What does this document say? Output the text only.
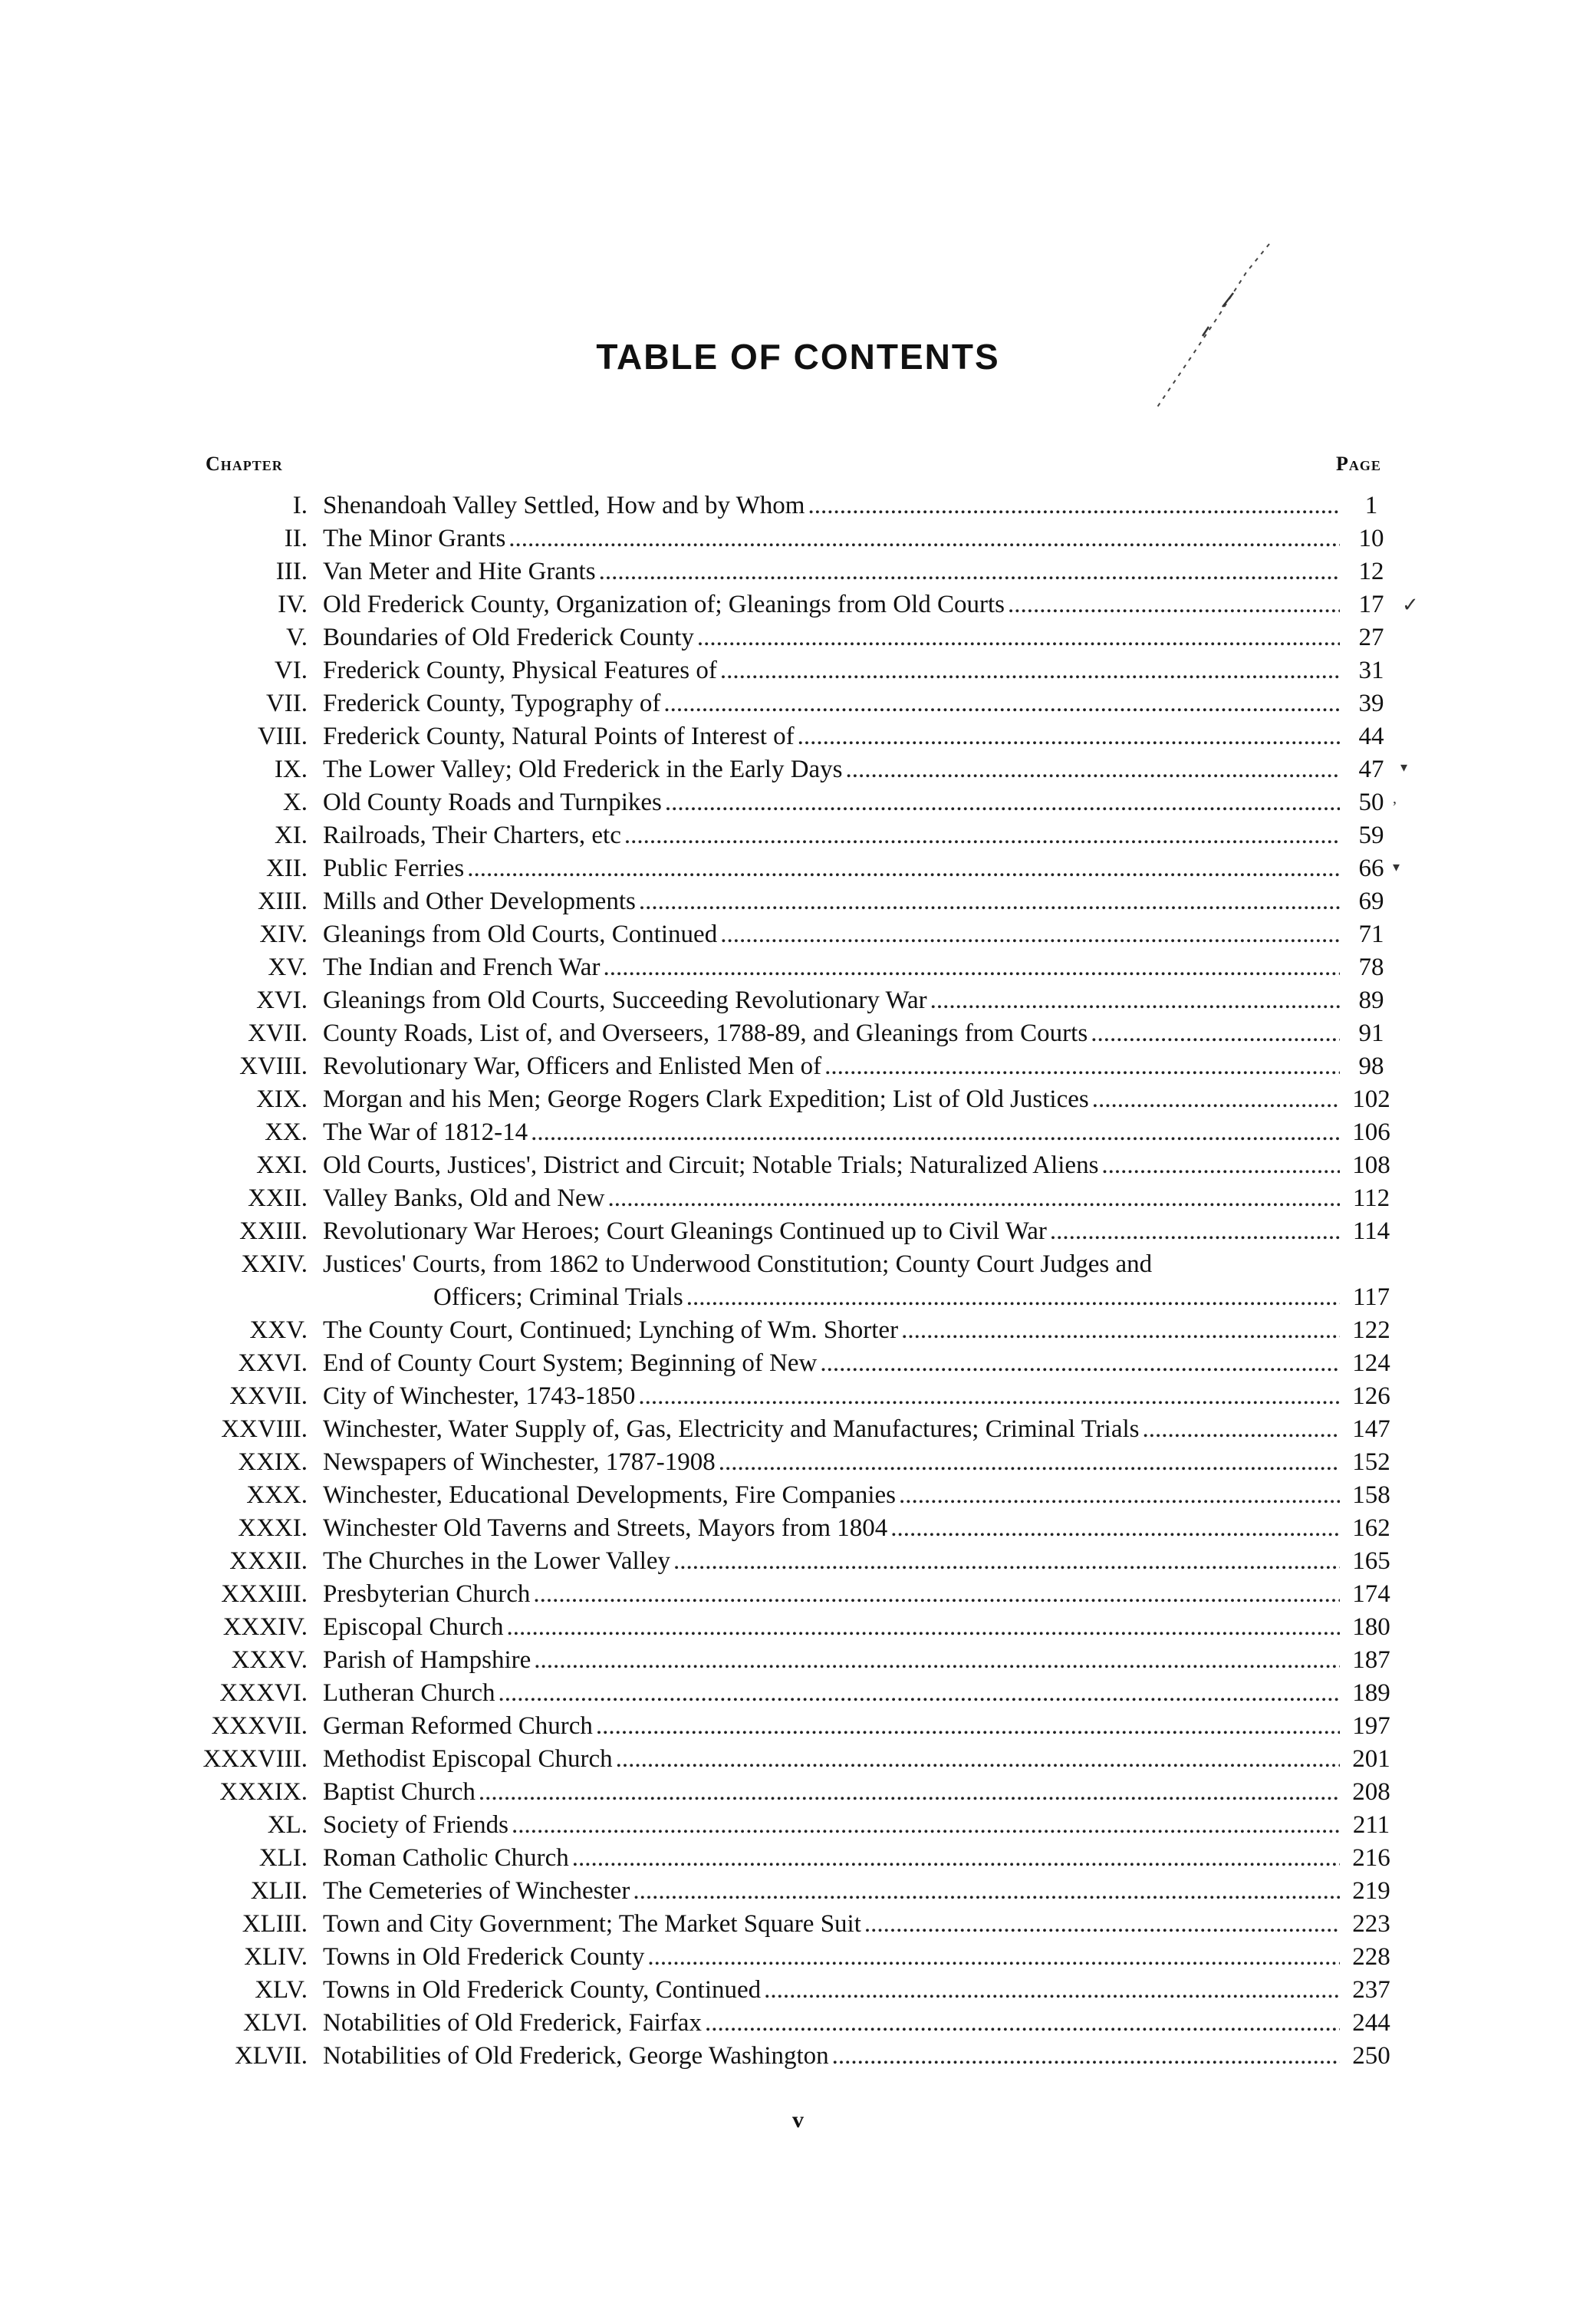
TABLE OF CONTENTS
Chapter	Page
I. Shenandoah Valley Settled, How and by Whom .....	1
II. The Minor Grants .....	10
III. Van Meter and Hite Grants .....	12
IV. Old Frederick County, Organization of; Gleanings from Old Courts .....	17
V. Boundaries of Old Frederick County .....	27
VI. Frederick County, Physical Features of .....	31
VII. Frederick County, Typography of .....	39
VIII. Frederick County, Natural Points of Interest of .....	44
IX. The Lower Valley; Old Frederick in the Early Days .....	47
X. Old County Roads and Turnpikes .....	50
XI. Railroads, Their Charters, etc .....	59
XII. Public Ferries .....	66
XIII. Mills and Other Developments .....	69
XIV. Gleanings from Old Courts, Continued .....	71
XV. The Indian and French War .....	78
XVI. Gleanings from Old Courts, Succeeding Revolutionary War .....	89
XVII. County Roads, List of, and Overseers, 1788-89, and Gleanings from Courts .....	91
XVIII. Revolutionary War, Officers and Enlisted Men of .....	98
XIX. Morgan and his Men; George Rogers Clark Expedition; List of Old Justices .....	102
XX. The War of 1812-14 .....	106
XXI. Old Courts, Justices', District and Circuit; Notable Trials; Naturalized Aliens .....	108
XXII. Valley Banks, Old and New .....	112
XXIII. Revolutionary War Heroes; Court Gleanings Continued up to Civil War .....	114
XXIV. Justices' Courts, from 1862 to Underwood Constitution; County Court Judges and
Officers; Criminal Trials .....	117
XXV. The County Court, Continued; Lynching of Wm. Shorter .....	122
XXVI. End of County Court System; Beginning of New .....	124
XXVII. City of Winchester, 1743-1850 .....	126
XXVIII. Winchester, Water Supply of, Gas, Electricity and Manufactures; Criminal Trials .....	147
XXIX. Newspapers of Winchester, 1787-1908 .....	152
XXX. Winchester, Educational Developments, Fire Companies .....	158
XXXI. Winchester Old Taverns and Streets, Mayors from 1804 .....	162
XXXII. The Churches in the Lower Valley .....	165
XXXIII. Presbyterian Church .....	174
XXXIV. Episcopal Church .....	180
XXXV. Parish of Hampshire .....	187
XXXVI. Lutheran Church .....	189
XXXVII. German Reformed Church .....	197
XXXVIII. Methodist Episcopal Church .....	201
XXXIX. Baptist Church .....	208
XL. Society of Friends .....	211
XLI. Roman Catholic Church .....	216
XLII. The Cemeteries of Winchester .....	219
XLIII. Town and City Government; The Market Square Suit .....	223
XLIV. Towns in Old Frederick County .....	228
XLV. Towns in Old Frederick County, Continued .....	237
XLVI. Notabilities of Old Frederick, Fairfax .....	244
XLVII. Notabilities of Old Frederick, George Washington .....	250
✓
▾
,
▾
v
